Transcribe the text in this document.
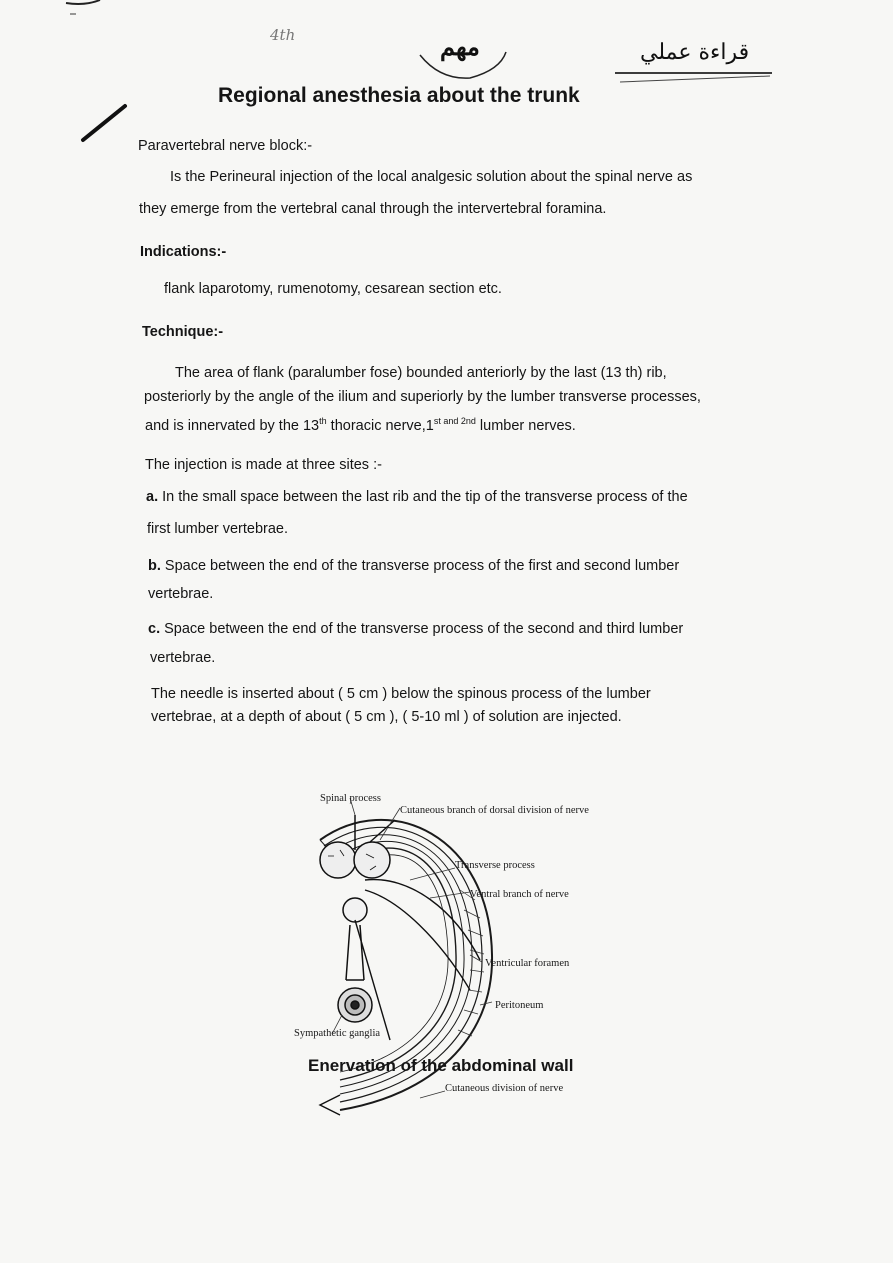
4th	مهم	قراءة عملي
Regional anesthesia about the trunk
Paravertebral nerve block:-
Is the Perineural injection of the local analgesic solution about the spinal nerve as
they emerge from the vertebral canal through the intervertebral foramina.
Indications:-
flank laparotomy, rumenotomy, cesarean section etc.
Technique:-
The area of flank (paralumber fose) bounded anteriorly by the last (13 th) rib,
posteriorly by the angle of the ilium and superiorly by the lumber transverse processes,
and is innervated by the 13th thoracic $nerve,1^{st and 2nd}$ lumber nerves.
The injection is made at three sites :-
a. In the small space between the last rib and the tip of the transverse process of the
first lumber vertebrae.
b. Space between the end of the transverse process of the first and second lumber
vertebrae.
c. Space between the end of the transverse process of the second and third lumber
vertebrae.
The needle is inserted about ( 5 cm ) below the spinous process of the lumber
vertebrae, at a depth of about ( 5 cm ), ( 5-10 ml ) of solution are injected.
Spinal process
Cutaneous branch of dorsal division of nerve
Transverse process
Ventral branch of nerve
Ventricular foramen
Peritoneum
Sympathetic ganglia
Enervation of the abdominal wall
Cutaneous division of nerve
